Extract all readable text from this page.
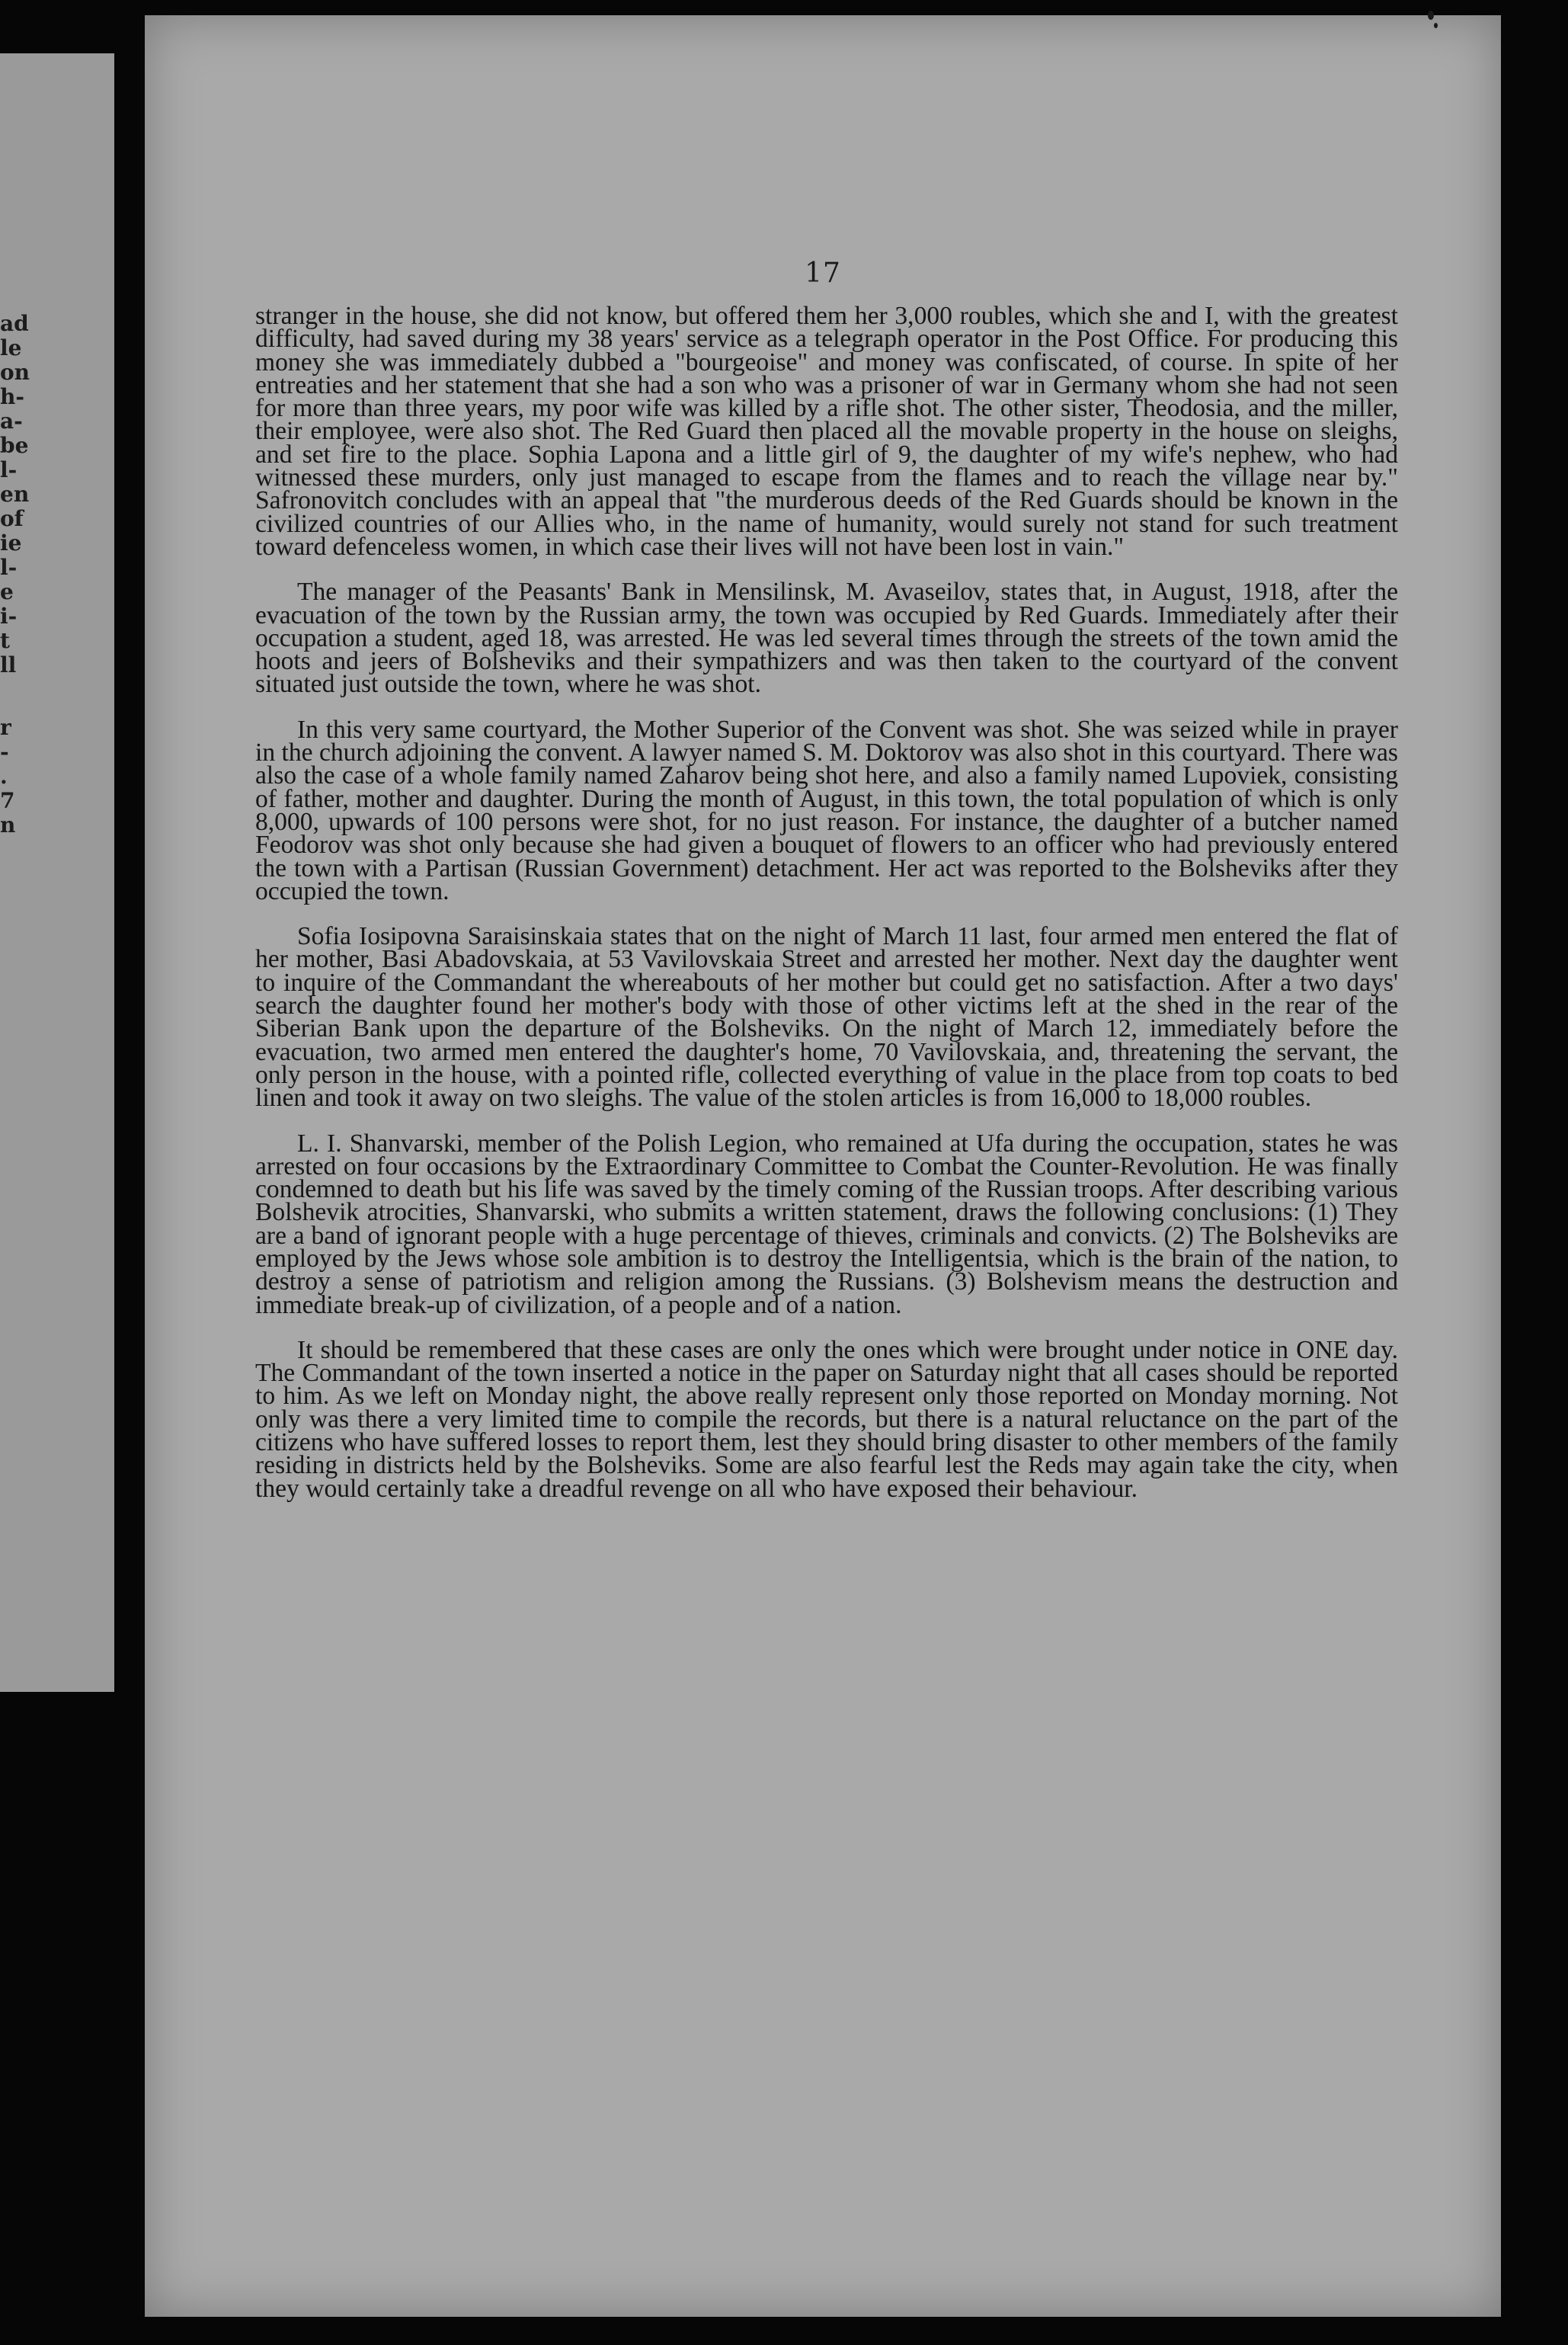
ad
le
on
h-
a-
be
l-
en
of
ie
l-
e
i-
t
ll
r
-
.
7
n
17

stranger in the house, she did not know, but offered them her 3,000 roubles, which she and I, with the greatest difficulty, had saved during my 38 years' service as a telegraph operator in the Post Office. For producing this money she was immediately dubbed a "bourgeoise" and money was confiscated, of course. In spite of her entreaties and her statement that she had a son who was a prisoner of war in Germany whom she had not seen for more than three years, my poor wife was killed by a rifle shot. The other sister, Theodosia, and the miller, their employee, were also shot. The Red Guard then placed all the movable property in the house on sleighs, and set fire to the place. Sophia Lapona and a little girl of 9, the daughter of my wife's nephew, who had witnessed these murders, only just managed to escape from the flames and to reach the village near by." Safronovitch concludes with an appeal that "the murderous deeds of the Red Guards should be known in the civilized countries of our Allies who, in the name of humanity, would surely not stand for such treatment toward defenceless women, in which case their lives will not have been lost in vain."

The manager of the Peasants' Bank in Mensilinsk, M. Avaseilov, states that, in August, 1918, after the evacuation of the town by the Russian army, the town was occupied by Red Guards. Immediately after their occupation a student, aged 18, was arrested. He was led several times through the streets of the town amid the hoots and jeers of Bolsheviks and their sympathizers and was then taken to the courtyard of the convent situated just outside the town, where he was shot.

In this very same courtyard, the Mother Superior of the Convent was shot. She was seized while in prayer in the church adjoining the convent. A lawyer named S. M. Doktorov was also shot in this courtyard. There was also the case of a whole family named Zaharov being shot here, and also a family named Lupoviek, consisting of father, mother and daughter. During the month of August, in this town, the total population of which is only 8,000, upwards of 100 persons were shot, for no just reason. For instance, the daughter of a butcher named Feodorov was shot only because she had given a bouquet of flowers to an officer who had previously entered the town with a Partisan (Russian Government) detachment. Her act was reported to the Bolsheviks after they occupied the town.

Sofia Iosipovna Saraisinskaia states that on the night of March 11 last, four armed men entered the flat of her mother, Basi Abadovskaia, at 53 Vavilovskaia Street and arrested her mother. Next day the daughter went to inquire of the Commandant the whereabouts of her mother but could get no satisfaction. After a two days' search the daughter found her mother's body with those of other victims left at the shed in the rear of the Siberian Bank upon the departure of the Bolsheviks. On the night of March 12, immediately before the evacuation, two armed men entered the daughter's home, 70 Vavilovskaia, and, threatening the servant, the only person in the house, with a pointed rifle, collected everything of value in the place from top coats to bed linen and took it away on two sleighs. The value of the stolen articles is from 16,000 to 18,000 roubles.

L. I. Shanvarski, member of the Polish Legion, who remained at Ufa during the occupation, states he was arrested on four occasions by the Extraordinary Committee to Combat the Counter-Revolution. He was finally condemned to death but his life was saved by the timely coming of the Russian troops. After describing various Bolshevik atrocities, Shanvarski, who submits a written statement, draws the following conclusions: (1) They are a band of ignorant people with a huge percentage of thieves, criminals and convicts. (2) The Bolsheviks are employed by the Jews whose sole ambition is to destroy the Intelligentsia, which is the brain of the nation, to destroy a sense of patriotism and religion among the Russians. (3) Bolshevism means the destruction and immediate break-up of civilization, of a people and of a nation.

It should be remembered that these cases are only the ones which were brought under notice in ONE day. The Commandant of the town inserted a notice in the paper on Saturday night that all cases should be reported to him. As we left on Monday night, the above really represent only those reported on Monday morning. Not only was there a very limited time to compile the records, but there is a natural reluctance on the part of the citizens who have suffered losses to report them, lest they should bring disaster to other members of the family residing in districts held by the Bolsheviks. Some are also fearful lest the Reds may again take the city, when they would certainly take a dreadful revenge on all who have exposed their behaviour.
